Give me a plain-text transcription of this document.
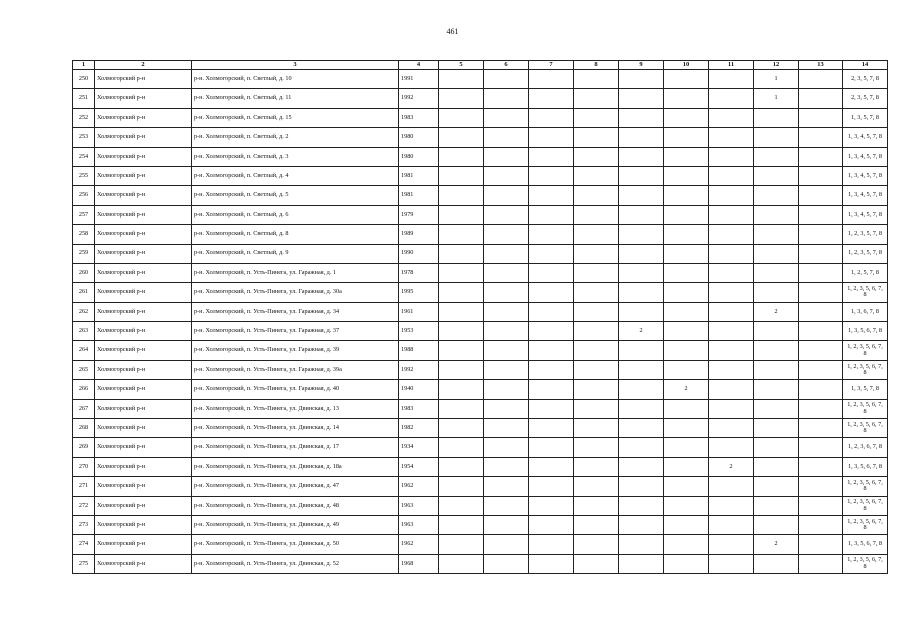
461
1	2	3	4	5	6	7	8	9	10	11	12	13	14
250	Холмогорский р-н	р-н. Холмогорский, п. Светлый, д. 10	1991								1		2, 3, 5, 7, 8
251	Холмогорский р-н	р-н. Холмогорский, п. Светлый, д. 11	1992								1		2, 3, 5, 7, 8
252	Холмогорский р-н	р-н. Холмогорский, п. Светлый, д. 15	1983										1, 3, 5, 7, 8
253	Холмогорский р-н	р-н. Холмогорский, п. Светлый, д. 2	1980										1, 3, 4, 5, 7, 8
254	Холмогорский р-н	р-н. Холмогорский, п. Светлый, д. 3	1980										1, 3, 4, 5, 7, 8
255	Холмогорский р-н	р-н. Холмогорский, п. Светлый, д. 4	1981										1, 3, 4, 5, 7, 8
256	Холмогорский р-н	р-н. Холмогорский, п. Светлый, д. 5	1981										1, 3, 4, 5, 7, 8
257	Холмогорский р-н	р-н. Холмогорский, п. Светлый, д. 6	1979										1, 3, 4, 5, 7, 8
258	Холмогорский р-н	р-н. Холмогорский, п. Светлый, д. 8	1989										1, 2, 3, 5, 7, 8
259	Холмогорский р-н	р-н. Холмогорский, п. Светлый, д. 9	1990										1, 2, 3, 5, 7, 8
260	Холмогорский р-н	р-н. Холмогорский, п. Усть-Пинега, ул. Гаражная, д. 1	1978										1, 2, 5, 7, 8
261	Холмогорский р-н	р-н. Холмогорский, п. Усть-Пинега, ул. Гаражная, д. 30а	1995										1, 2, 3, 5, 6, 7, 8
262	Холмогорский р-н	р-н. Холмогорский, п. Усть-Пинега, ул. Гаражная, д. 34	1961								2		1, 3, 6, 7, 8
263	Холмогорский р-н	р-н. Холмогорский, п. Усть-Пинега, ул. Гаражная, д. 37	1953					2					1, 3, 5, 6, 7, 8
264	Холмогорский р-н	р-н. Холмогорский, п. Усть-Пинега, ул. Гаражная, д. 39	1988										1, 2, 3, 5, 6, 7, 8
265	Холмогорский р-н	р-н. Холмогорский, п. Усть-Пинега, ул. Гаражная, д. 39а	1992										1, 2, 3, 5, 6, 7, 8
266	Холмогорский р-н	р-н. Холмогорский, п. Усть-Пинега, ул. Гаражная, д. 40	1940						2				1, 3, 5, 7, 8
267	Холмогорский р-н	р-н. Холмогорский, п. Усть-Пинега, ул. Двинская, д. 13	1983										1, 2, 3, 5, 6, 7, 8
268	Холмогорский р-н	р-н. Холмогорский, п. Усть-Пинега, ул. Двинская, д. 14	1982										1, 2, 3, 5, 6, 7, 8
269	Холмогорский р-н	р-н. Холмогорский, п. Усть-Пинега, ул. Двинская, д. 17	1934										1, 2, 3, 6, 7, 8
270	Холмогорский р-н	р-н. Холмогорский, п. Усть-Пинега, ул. Двинская, д. 18а	1954							2			1, 3, 5, 6, 7, 8
271	Холмогорский р-н	р-н. Холмогорский, п. Усть-Пинега, ул. Двинская, д. 47	1962										1, 2, 3, 5, 6, 7, 8
272	Холмогорский р-н	р-н. Холмогорский, п. Усть-Пинега, ул. Двинская, д. 48	1963										1, 2, 3, 5, 6, 7, 8
273	Холмогорский р-н	р-н. Холмогорский, п. Усть-Пинега, ул. Двинская, д. 49	1963										1, 2, 3, 5, 6, 7, 8
274	Холмогорский р-н	р-н. Холмогорский, п. Усть-Пинега, ул. Двинская, д. 50	1962								2		1, 3, 5, 6, 7, 8
275	Холмогорский р-н	р-н. Холмогорский, п. Усть-Пинега, ул. Двинская, д. 52	1968										1, 2, 3, 5, 6, 7, 8
